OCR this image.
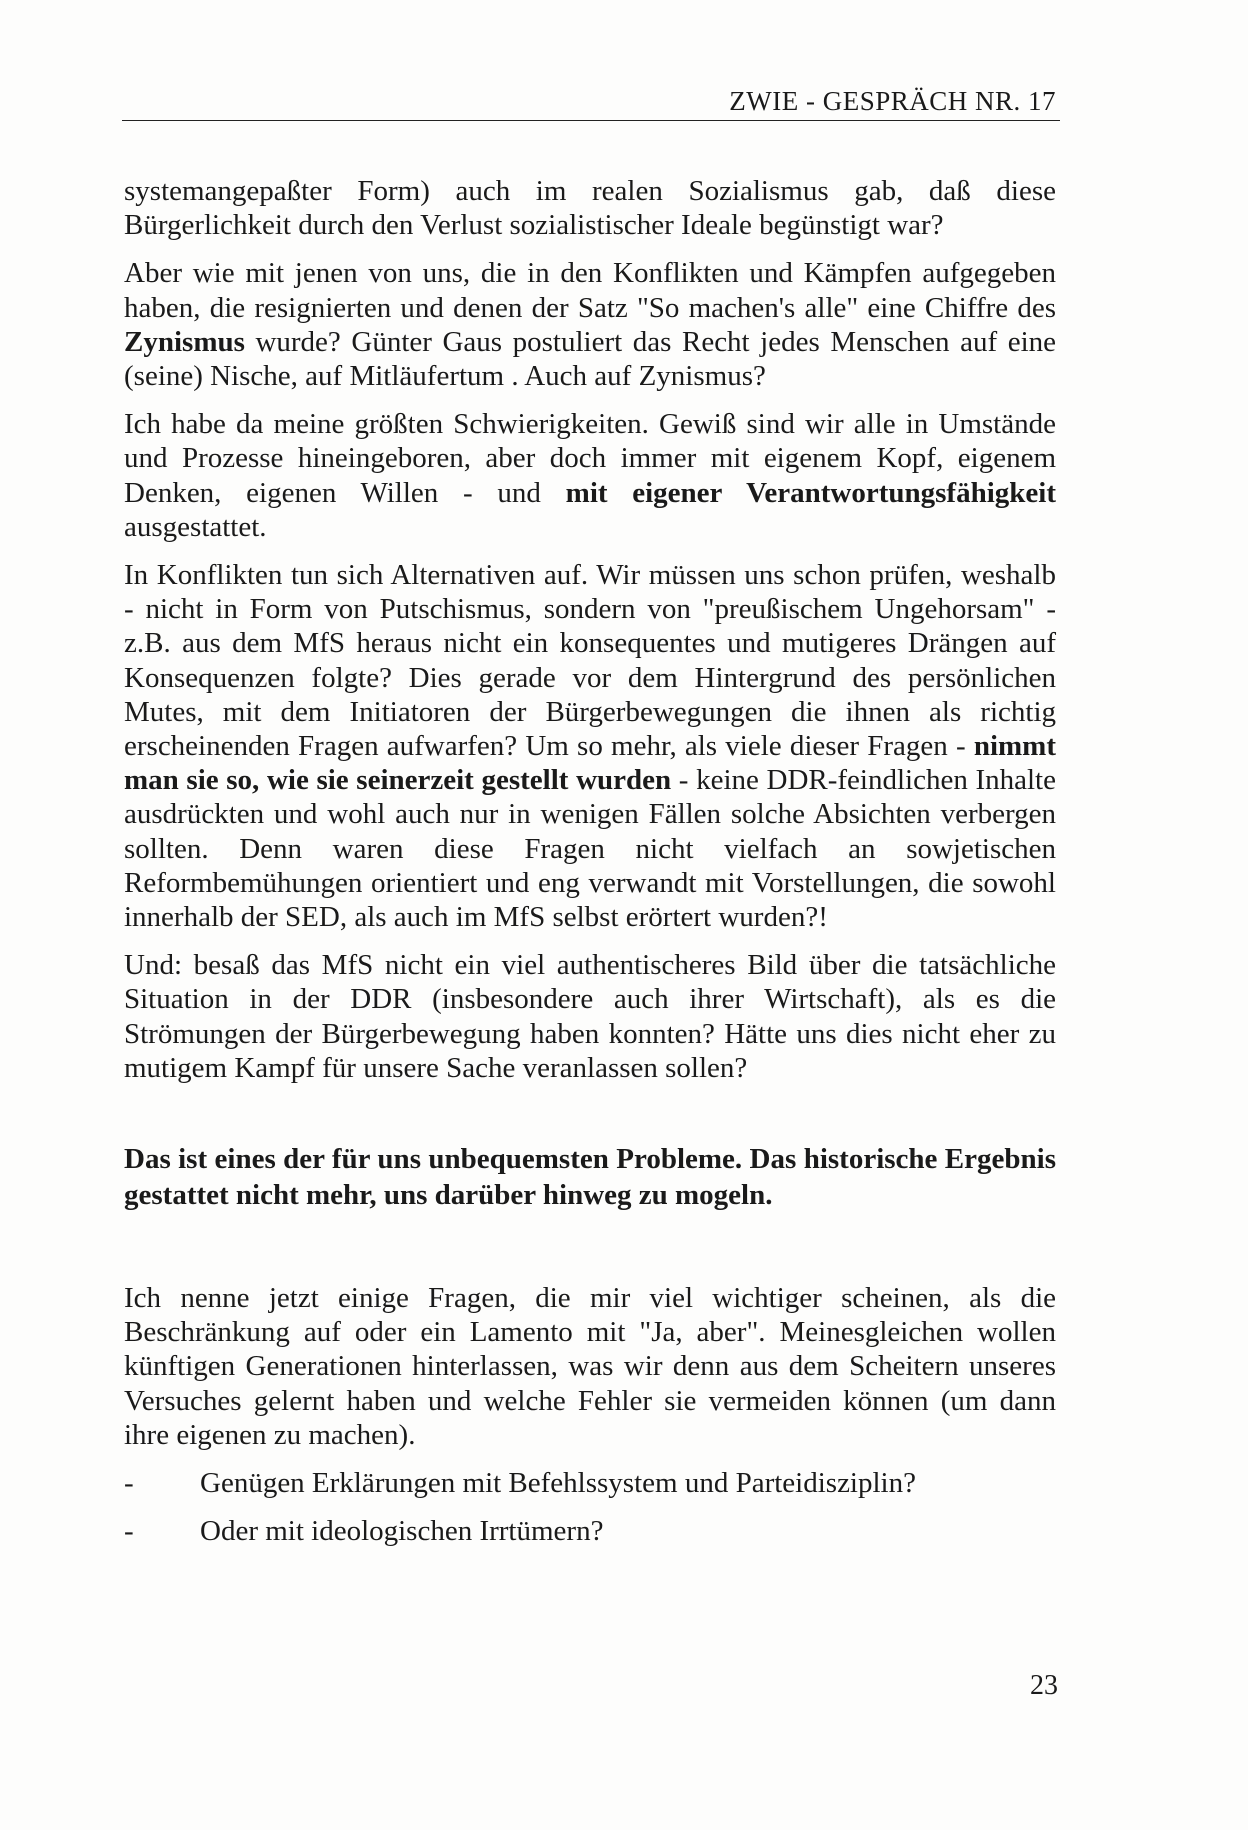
ZWIE - GESPRÄCH NR. 17

systemangepaßter Form) auch im realen Sozialismus gab, daß diese Bürgerlichkeit durch den Verlust sozialistischer Ideale begünstigt war?

Aber wie mit jenen von uns, die in den Konflikten und Kämpfen aufgegeben haben, die resignierten und denen der Satz "So machen's alle" eine Chiffre des Zynismus wurde? Günter Gaus postuliert das Recht jedes Menschen auf eine (seine) Nische, auf Mitläufertum . Auch auf Zynismus?

Ich habe da meine größten Schwierigkeiten. Gewiß sind wir alle in Umstände und Prozesse hineingeboren, aber doch immer mit eigenem Kopf, eigenem Denken, eigenen Willen - und mit eigener Verantwortungsfähigkeit ausgestattet.

In Konflikten tun sich Alternativen auf. Wir müssen uns schon prüfen, weshalb - nicht in Form von Putschismus, sondern von "preußischem Ungehorsam" - z.B. aus dem MfS heraus nicht ein konsequentes und mutigeres Drängen auf Konsequenzen folgte? Dies gerade vor dem Hintergrund des persönlichen Mutes, mit dem Initiatoren der Bürgerbewegungen die ihnen als richtig erscheinenden Fragen aufwarfen? Um so mehr, als viele dieser Fragen - nimmt man sie so, wie sie seinerzeit gestellt wurden - keine DDR-feindlichen Inhalte ausdrückten und wohl auch nur in wenigen Fällen solche Absichten verbergen sollten. Denn waren diese Fragen nicht vielfach an sowjetischen Reformbemühungen orientiert und eng verwandt mit Vorstellungen, die sowohl innerhalb der SED, als auch im MfS selbst erörtert wurden?!

Und: besaß das MfS nicht ein viel authentischeres Bild über die tatsächliche Situation in der DDR (insbesondere auch ihrer Wirtschaft), als es die Strömungen der Bürgerbewegung haben konnten? Hätte uns dies nicht eher zu mutigem Kampf für unsere Sache veranlassen sollen?

Das ist eines der für uns unbequemsten Probleme. Das historische Ergebnis gestattet nicht mehr, uns darüber hinweg zu mogeln.

Ich nenne jetzt einige Fragen, die mir viel wichtiger scheinen, als die Beschränkung auf oder ein Lamento mit "Ja, aber". Meinesgleichen wollen künftigen Generationen hinterlassen, was wir denn aus dem Scheitern unseres Versuches gelernt haben und welche Fehler sie vermeiden können (um dann ihre eigenen zu machen).

-	Genügen Erklärungen mit Befehlssystem und Parteidisziplin?
-	Oder mit ideologischen Irrtümern?
23
